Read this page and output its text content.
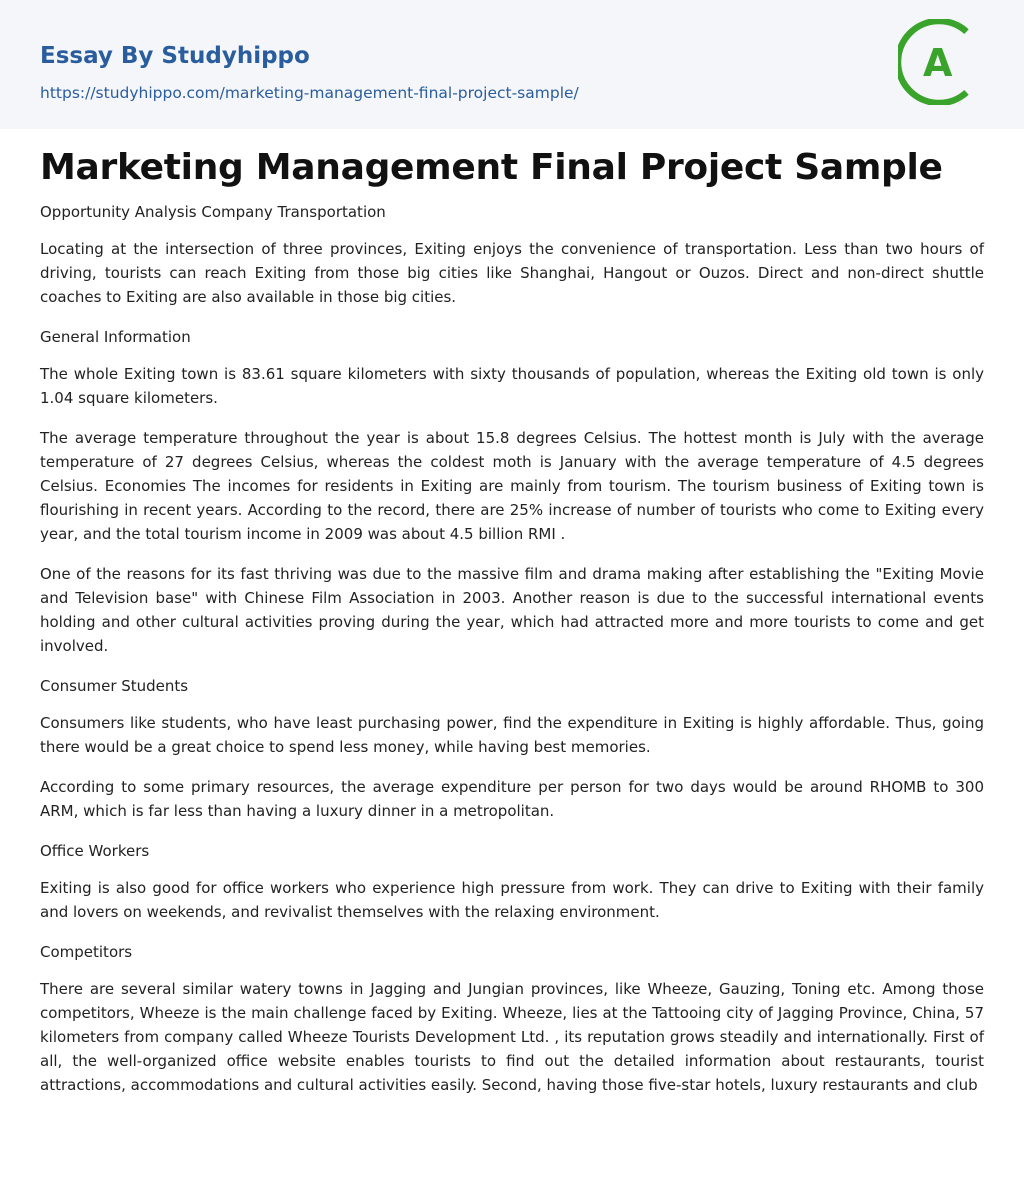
Essay By Studyhippo
https://studyhippo.com/marketing-management-final-project-sample/
A
Marketing Management Final Project Sample
Opportunity Analysis Company Transportation

Locating at the intersection of three provinces, Exiting enjoys the convenience of transportation. Less than two hours of driving, tourists can reach Exiting from those big cities like Shanghai, Hangout or Ouzos. Direct and non-direct shuttle coaches to Exiting are also available in those big cities.

General Information

The whole Exiting town is 83.61 square kilometers with sixty thousands of population, whereas the Exiting old town is only 1.04 square kilometers.

The average temperature throughout the year is about 15.8 degrees Celsius. The hottest month is July with the average temperature of 27 degrees Celsius, whereas the coldest moth is January with the average temperature of 4.5 degrees Celsius. Economies The incomes for residents in Exiting are mainly from tourism. The tourism business of Exiting town is flourishing in recent years. According to the record, there are 25% increase of number of tourists who come to Exiting every year, and the total tourism income in 2009 was about 4.5 billion RMI .

One of the reasons for its fast thriving was due to the massive film and drama making after establishing the "Exiting Movie and Television base" with Chinese Film Association in 2003. Another reason is due to the successful international events holding and other cultural activities proving during the year, which had attracted more and more tourists to come and get involved.

Consumer Students

Consumers like students, who have least purchasing power, find the expenditure in Exiting is highly affordable. Thus, going there would be a great choice to spend less money, while having best memories.

According to some primary resources, the average expenditure per person for two days would be around RHOMB to 300 ARM, which is far less than having a luxury dinner in a metropolitan.

Office Workers

Exiting is also good for office workers who experience high pressure from work. They can drive to Exiting with their family and lovers on weekends, and revivalist themselves with the relaxing environment.

Competitors

There are several similar watery towns in Jagging and Jungian provinces, like Wheeze, Gauzing, Toning etc. Among those competitors, Wheeze is the main challenge faced by Exiting. Wheeze, lies at the Tattooing city of Jagging Province, China, 57 kilometers from company called Wheeze Tourists Development Ltd. , its reputation grows steadily and internationally. First of all, the well-organized office website enables tourists to find out the detailed information about restaurants, tourist attractions, accommodations and cultural activities easily. Second, having those five-star hotels, luxury restaurants and club
